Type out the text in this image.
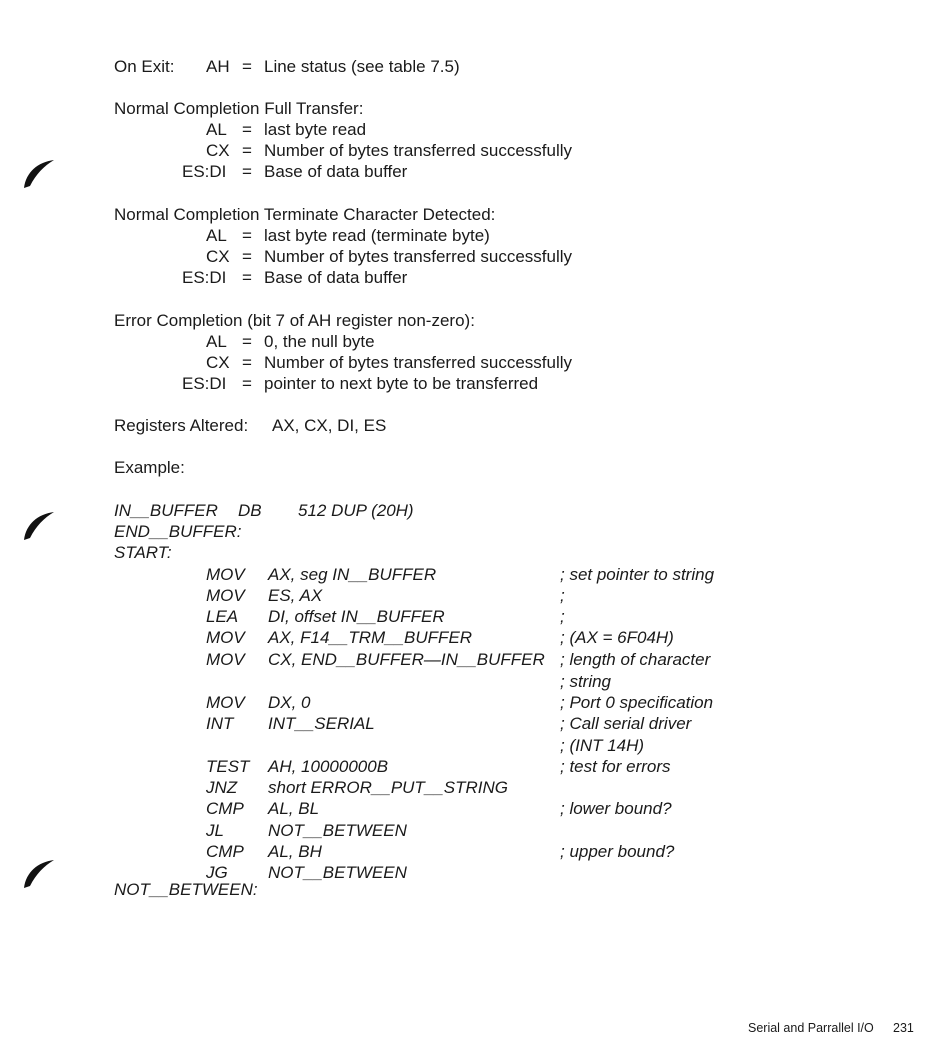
On Exit: AH = Line status (see table 7.5)
Normal Completion Full Transfer:
AL = last byte read
CX = Number of bytes transferred successfully
ES:DI = Base of data buffer
Normal Completion Terminate Character Detected:
AL = last byte read (terminate byte)
CX = Number of bytes transferred successfully
ES:DI = Base of data buffer
Error Completion (bit 7 of AH register non-zero):
AL = 0, the null byte
CX = Number of bytes transferred successfully
ES:DI = pointer to next byte to be transferred
Registers Altered: AX, CX, DI, ES
Example:
IN__BUFFER DB 512 DUP (20H)
END__BUFFER:
START:
MOV AX, seg IN__BUFFER	; set pointer to string
MOV ES, AX	;
LEA DI, offset IN__BUFFER	;
MOV AX, F14__TRM__BUFFER	; (AX = 6F04H)
MOV CX, END__BUFFER—IN__BUFFER ; length of character
; string
MOV DX, 0	; Port 0 specification
INT INT__SERIAL	; Call serial driver
; (INT 14H)
TEST AH, 10000000B	; test for errors
JNZ short ERROR__PUT__STRING
CMP AL, BL	; lower bound?
JL	NOT__BETWEEN
CMP AL, BH	; upper bound?
JG NOT__BETWEEN
NOT__BETWEEN:
Serial and Parrallel I/O 231
